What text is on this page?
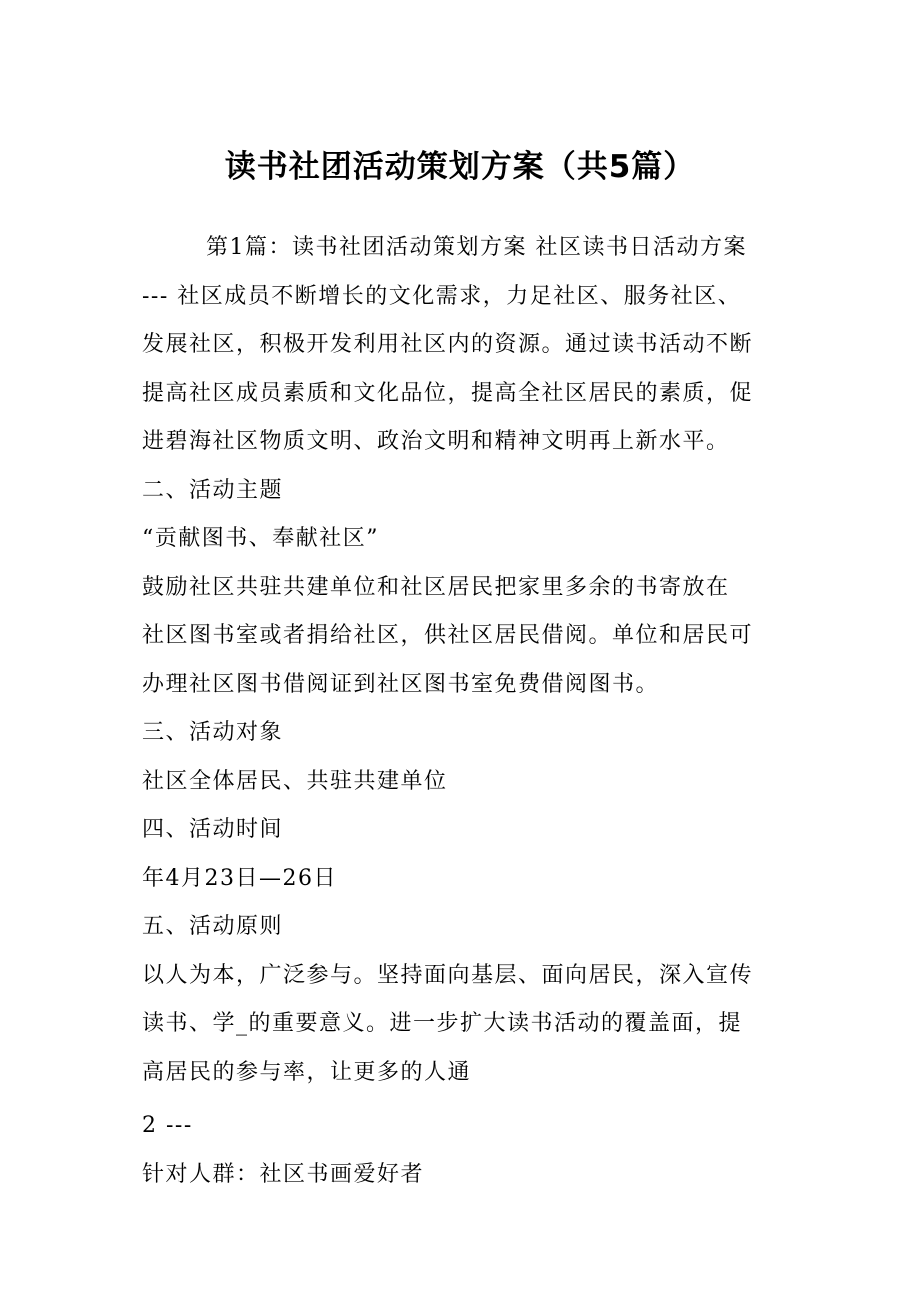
读书社团活动策划方案（共5篇）

第1篇：读书社团活动策划方案 社区读书日活动方案

--- 社区成员不断增长的文化需求，力足社区、服务社区、

发展社区，积极开发利用社区内的资源。通过读书活动不断

提高社区成员素质和文化品位，提高全社区居民的素质，促

进碧海社区物质文明、政治文明和精神文明再上新水平。

二、活动主题

“贡献图书、奉献社区”

鼓励社区共驻共建单位和社区居民把家里多余的书寄放在

社区图书室或者捐给社区，供社区居民借阅。单位和居民可

办理社区图书借阅证到社区图书室免费借阅图书。

三、活动对象

社区全体居民、共驻共建单位

四、活动时间

年4月23日—26日

五、活动原则

以人为本，广泛参与。坚持面向基层、面向居民，深入宣传

读书、学_的重要意义。进一步扩大读书活动的覆盖面，提

高居民的参与率，让更多的人通

2 ---

针对人群：社区书画爱好者
